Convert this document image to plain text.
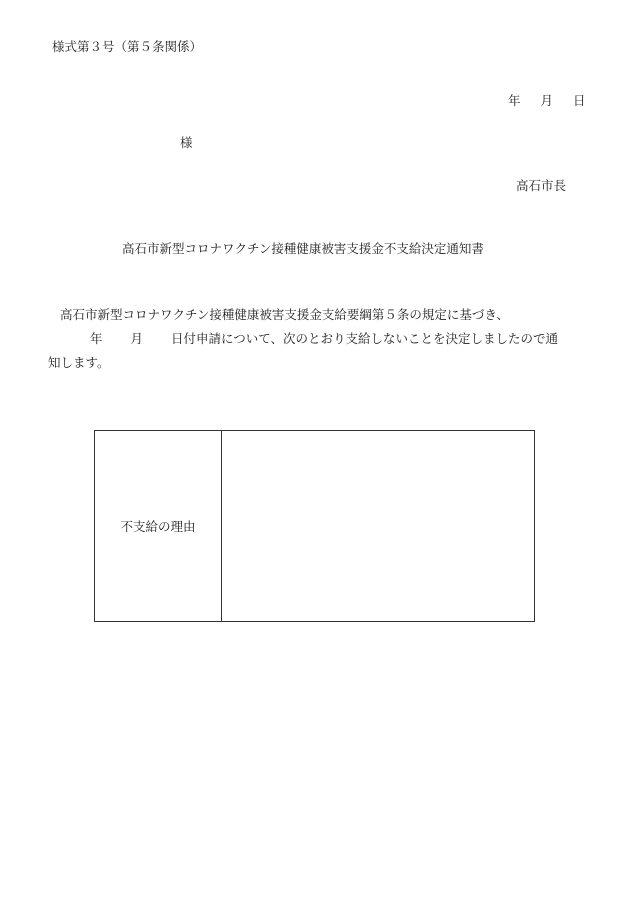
様式第３号（第５条関係）
年 月 日
様
高石市長
高石市新型コロナワクチン接種健康被害支援金不支給決定通知書
高石市新型コロナワクチン接種健康被害支援金支給要綱第５条の規定に基づき、
年 月 日付申請について、次のとおり支給しないことを決定しましたので通
知します。
不支給の理由
